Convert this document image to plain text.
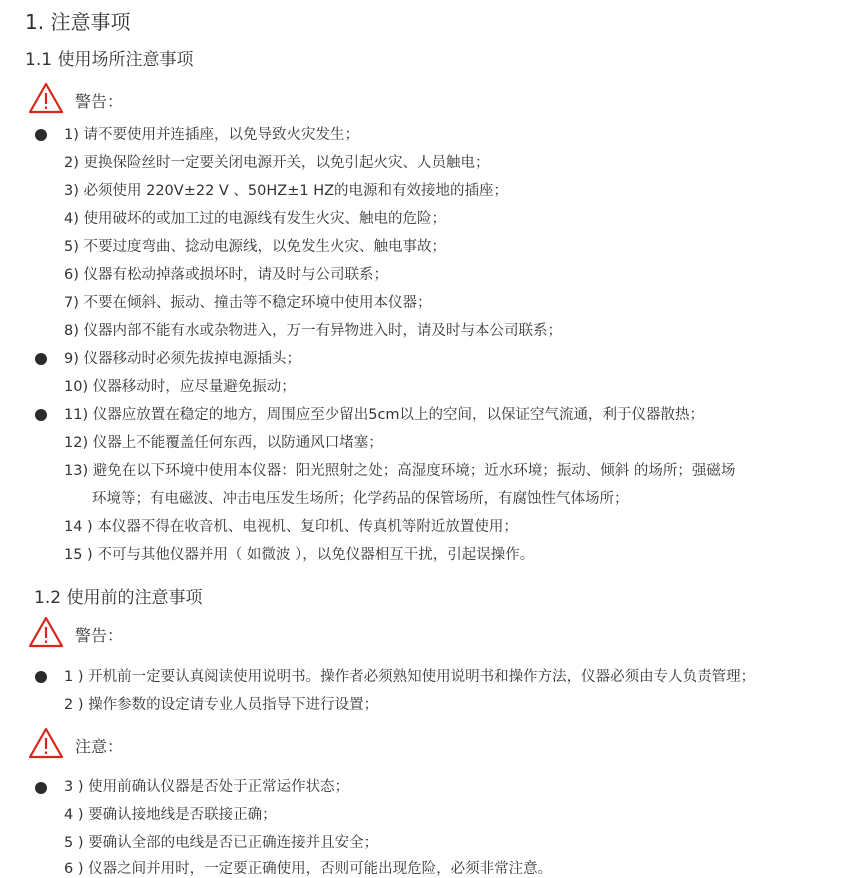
1. 注意事项
1.1 使用场所注意事项
警告：
1) 请不要使用并连插座，以免导致火灾发生；
2) 更换保险丝时一定要关闭电源开关，以免引起火灾、人员触电；
3) 必须使用 220V±22 V 、50HZ±1 HZ的电源和有效接地的插座；
4) 使用破坏的或加工过的电源线有发生火灾、触电的危险；
5) 不要过度弯曲、捻动电源线，以免发生火灾、触电事故；
6) 仪器有松动掉落或损坏时，请及时与公司联系；
7) 不要在倾斜、振动、撞击等不稳定环境中使用本仪器；
8) 仪器内部不能有水或杂物进入，万一有异物进入时，请及时与本公司联系；
9) 仪器移动时必须先拔掉电源插头；
10) 仪器移动时，应尽量避免振动；
11) 仪器应放置在稳定的地方，周围应至少留出5cm以上的空间，以保证空气流通，利于仪器散热；
12) 仪器上不能覆盖任何东西，以防通风口堵塞；
13) 避免在以下环境中使用本仪器：阳光照射之处；高湿度环境；近水环境；振动、倾斜 的场所；强磁场
环境等；有电磁波、冲击电压发生场所；化学药品的保管场所，有腐蚀性气体场所；
14 ) 本仪器不得在收音机、电视机、复印机、传真机等附近放置使用；
15 ) 不可与其他仪器并用（ 如微波 ），以免仪器相互干扰，引起误操作。
1.2 使用前的注意事项
警告：
1 ) 开机前一定要认真阅读使用说明书。操作者必须熟知使用说明书和操作方法，仪器必须由专人负责管理；
2 ) 操作参数的设定请专业人员指导下进行设置；
注意：
3 ) 使用前确认仪器是否处于正常运作状态；
4 ) 要确认接地线是否联接正确；
5 ) 要确认全部的电线是否已正确连接并且安全；
6 ) 仪器之间并用时，一定要正确使用，否则可能出现危险，必须非常注意。
